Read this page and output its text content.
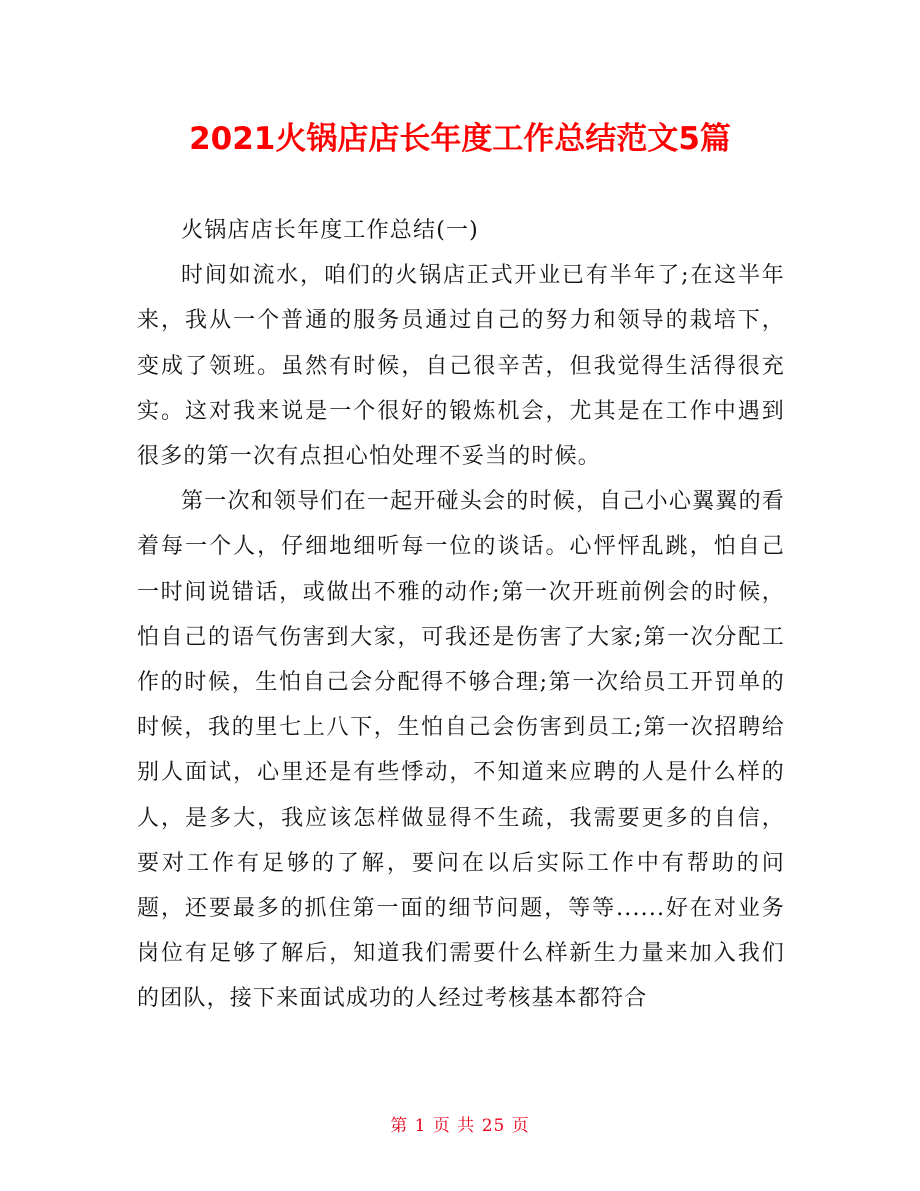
2021火锅店店长年度工作总结范文5篇

火锅店店长年度工作总结(一)

时间如流水，咱们的火锅店正式开业已有半年了;在这半年来，我从一个普通的服务员通过自己的努力和领导的栽培下，变成了领班。虽然有时候，自己很辛苦，但我觉得生活得很充实。这对我来说是一个很好的锻炼机会，尤其是在工作中遇到很多的第一次有点担心怕处理不妥当的时候。

第一次和领导们在一起开碰头会的时候，自己小心翼翼的看着每一个人，仔细地细听每一位的谈话。心怦怦乱跳，怕自己一时间说错话，或做出不雅的动作;第一次开班前例会的时候，怕自己的语气伤害到大家，可我还是伤害了大家;第一次分配工作的时候，生怕自己会分配得不够合理;第一次给员工开罚单的时候，我的里七上八下，生怕自己会伤害到员工;第一次招聘给别人面试，心里还是有些悸动，不知道来应聘的人是什么样的人，是多大，我应该怎样做显得不生疏，我需要更多的自信，要对工作有足够的了解，要问在以后实际工作中有帮助的问题，还要最多的抓住第一面的细节问题，等等......好在对业务岗位有足够了解后，知道我们需要什么样新生力量来加入我们的团队，接下来面试成功的人经过考核基本都符合

第 1 页 共 25 页
